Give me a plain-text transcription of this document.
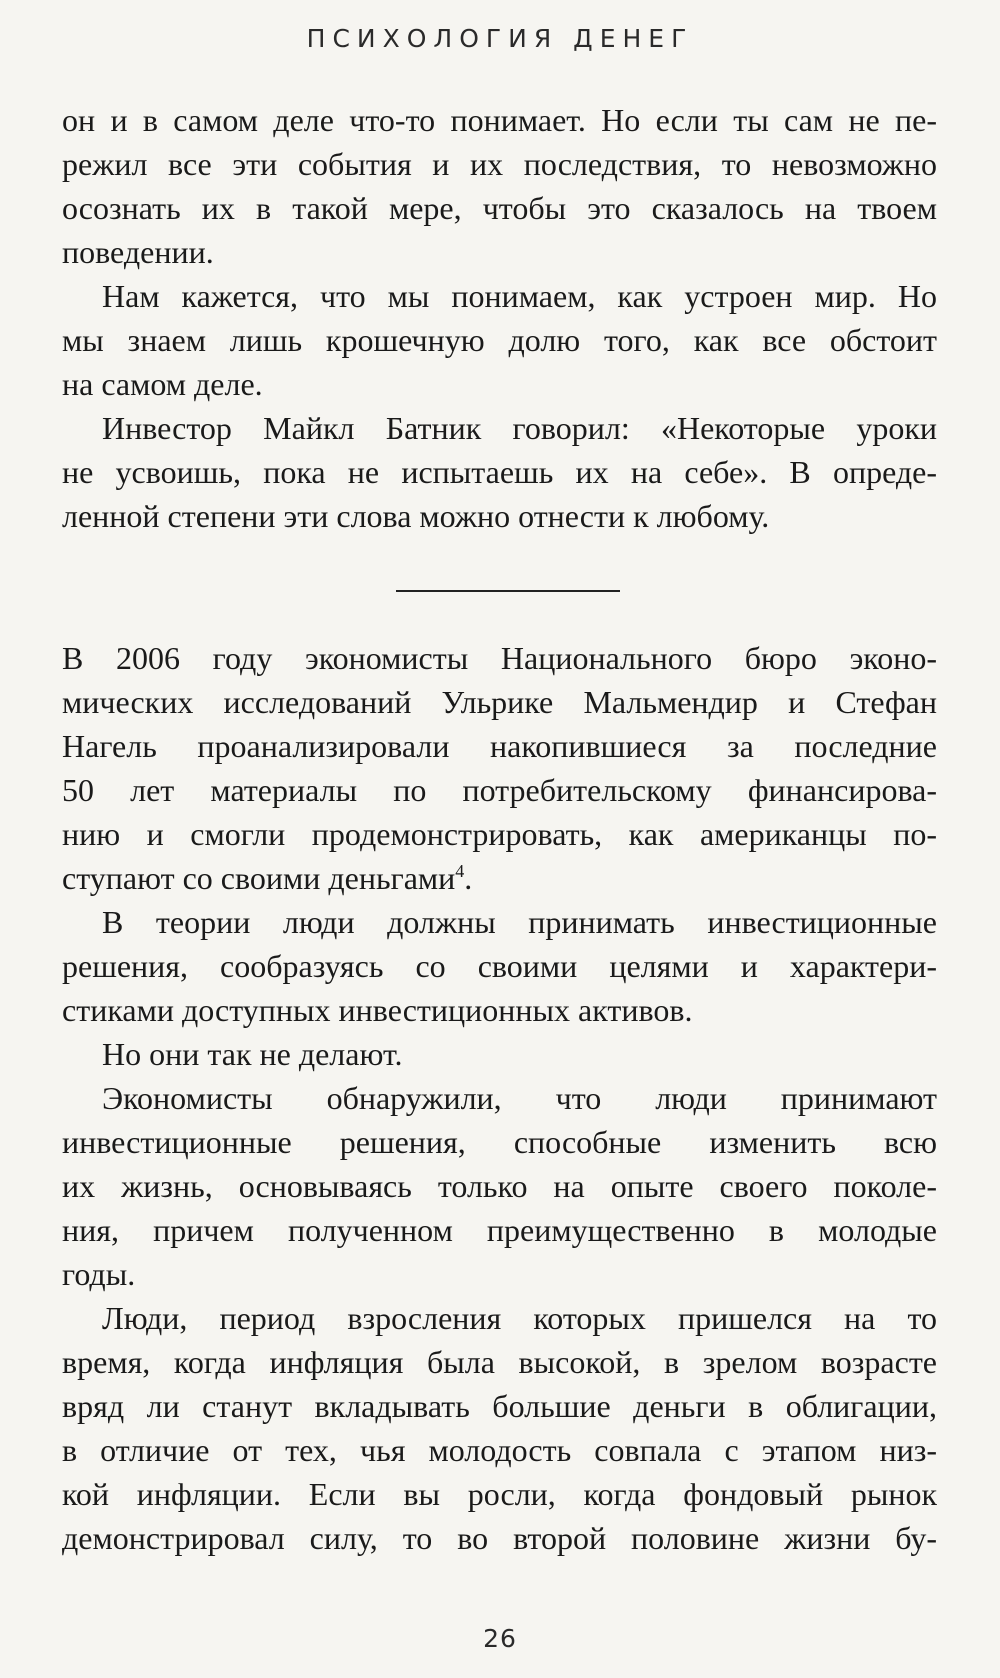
ПСИХОЛОГИЯ ДЕНЕГ
он и в самом деле что-то понимает. Но если ты сам не пе-
режил все эти события и их последствия, то невозможно
осознать их в такой мере, чтобы это сказалось на твоем
поведении.
Нам кажется, что мы понимаем, как устроен мир. Но
мы знаем лишь крошечную долю того, как все обстоит
на самом деле.
Инвестор Майкл Батник говорил: «Некоторые уроки
не усвоишь, пока не испытаешь их на себе». В опреде-
ленной степени эти слова можно отнести к любому.
В 2006 году экономисты Национального бюро эконо-
мических исследований Ульрике Мальмендир и Стефан
Нагель проанализировали накопившиеся за последние
50 лет материалы по потребительскому финансирова-
нию и смогли продемонстрировать, как американцы по-
ступают со своими деньгами$^4$.
В теории люди должны принимать инвестиционные
решения, сообразуясь со своими целями и характери-
стиками доступных инвестиционных активов.
Но они так не делают.
Экономисты обнаружили, что люди принимают
инвестиционные решения, способные изменить всю
их жизнь, основываясь только на опыте своего поколе-
ния, причем полученном преимущественно в молодые
годы.
Люди, период взросления которых пришелся на то
время, когда инфляция была высокой, в зрелом возрасте
вряд ли станут вкладывать большие деньги в облигации,
в отличие от тех, чья молодость совпала с этапом низ-
кой инфляции. Если вы росли, когда фондовый рынок
демонстрировал силу, то во второй половине жизни бу-
26
